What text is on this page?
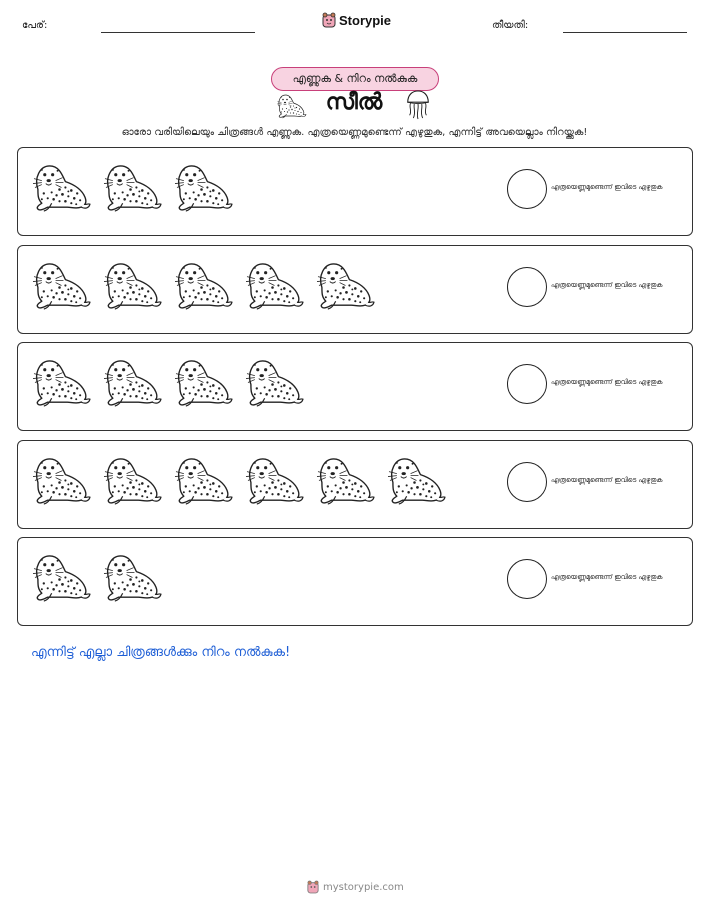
പേര്:	Storypie	തീയതി:
എണ്ണുക & നിറം നൽകുക
സീൽ
ഓരോ വരിയിലെയും ചിത്രങ്ങൾ എണ്ണുക. എത്രയെണ്ണമുണ്ടെന്ന് എഴുതുക, എന്നിട്ട് അവയെല്ലാം നിറയ്ക്കുക!
എത്രയെണ്ണമുണ്ടെന്ന് ഇവിടെ എഴുതുക
എത്രയെണ്ണമുണ്ടെന്ന് ഇവിടെ എഴുതുക
എത്രയെണ്ണമുണ്ടെന്ന് ഇവിടെ എഴുതുക
എത്രയെണ്ണമുണ്ടെന്ന് ഇവിടെ എഴുതുക
എത്രയെണ്ണമുണ്ടെന്ന് ഇവിടെ എഴുതുക
എന്നിട്ട് എല്ലാ ചിത്രങ്ങൾക്കും നിറം നൽകുക!
mystorypie.com
